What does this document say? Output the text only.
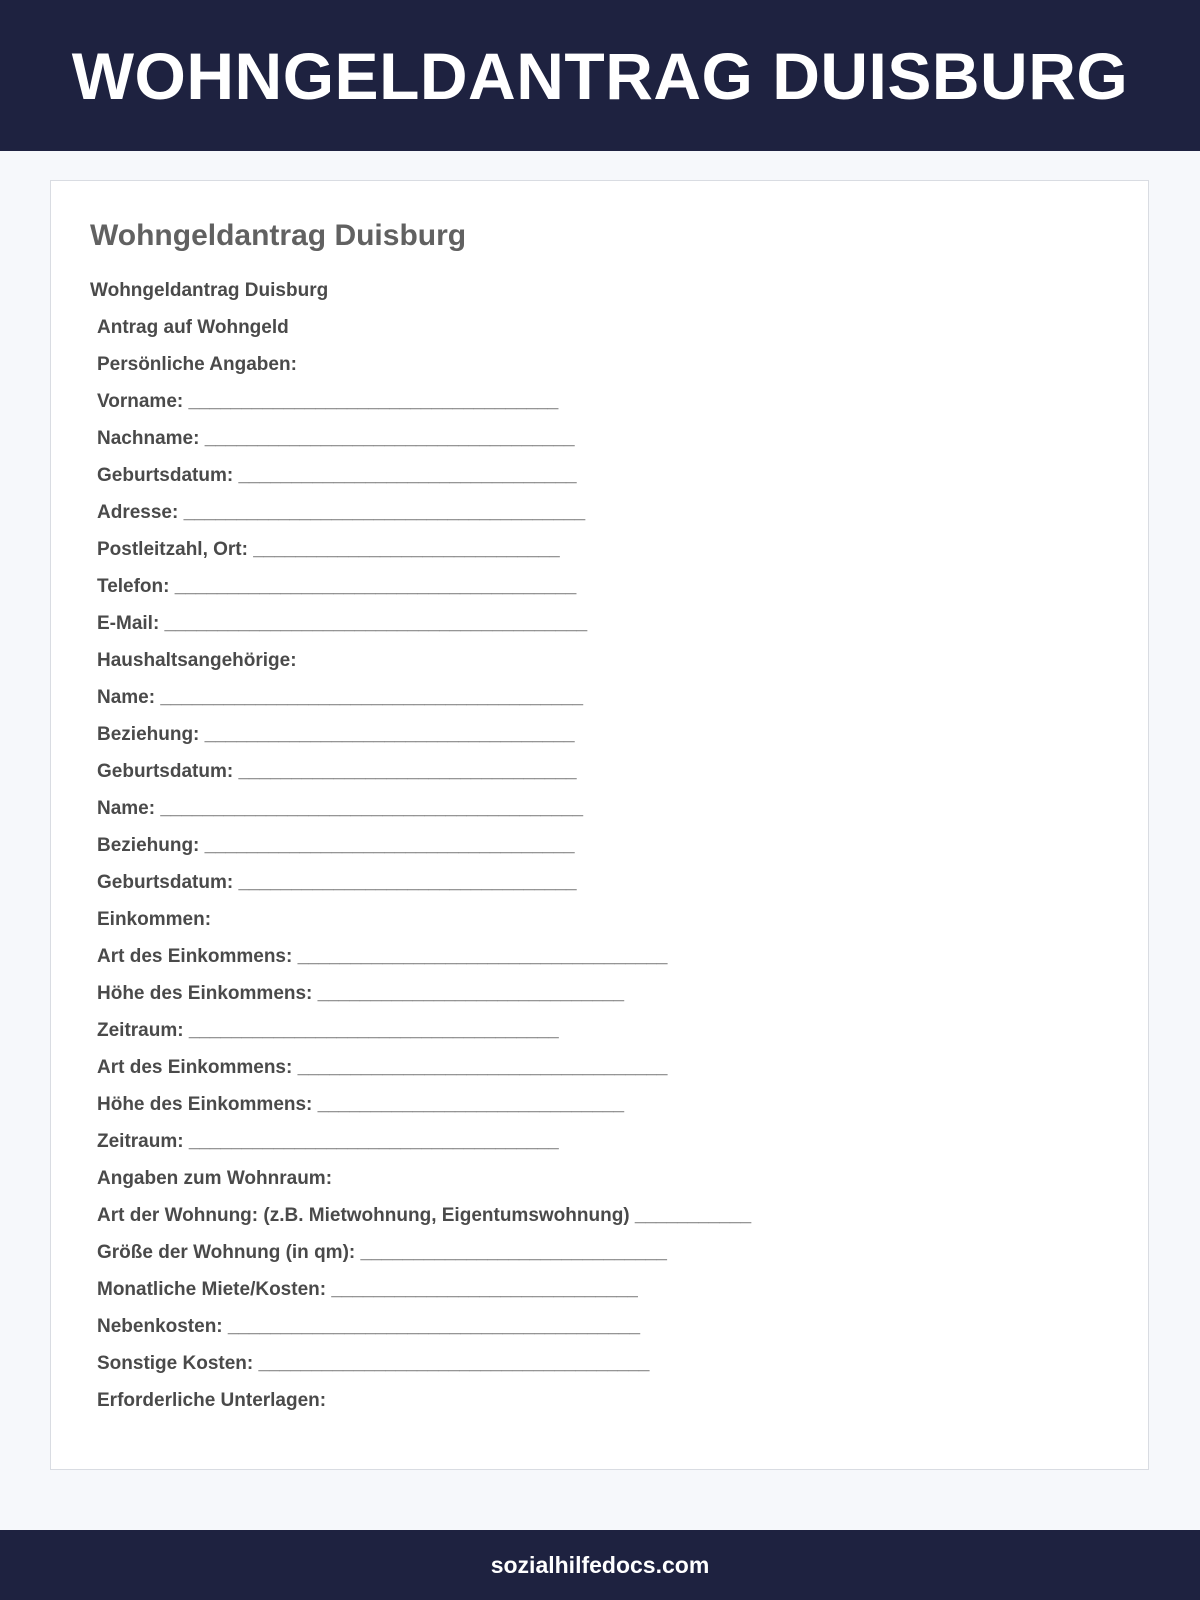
WOHNGELDANTRAG DUISBURG
Wohngeldantrag Duisburg
Wohngeldantrag Duisburg
Antrag auf Wohngeld
Persönliche Angaben:
Vorname: ___________________________________
Nachname: ___________________________________
Geburtsdatum: ________________________________
Adresse: ______________________________________
Postleitzahl, Ort: _____________________________
Telefon: ______________________________________
E-Mail: ________________________________________
Haushaltsangehörige:
Name: ________________________________________
Beziehung: ___________________________________
Geburtsdatum: ________________________________
Name: ________________________________________
Beziehung: ___________________________________
Geburtsdatum: ________________________________
Einkommen:
Art des Einkommens: ___________________________________
Höhe des Einkommens: _____________________________
Zeitraum: ___________________________________
Art des Einkommens: ___________________________________
Höhe des Einkommens: _____________________________
Zeitraum: ___________________________________
Angaben zum Wohnraum:
Art der Wohnung: (z.B. Mietwohnung, Eigentumswohnung) ___________
Größe der Wohnung (in qm): _____________________________
Monatliche Miete/Kosten: _____________________________
Nebenkosten: _______________________________________
Sonstige Kosten: _____________________________________
Erforderliche Unterlagen:
sozialhilfedocs.com
